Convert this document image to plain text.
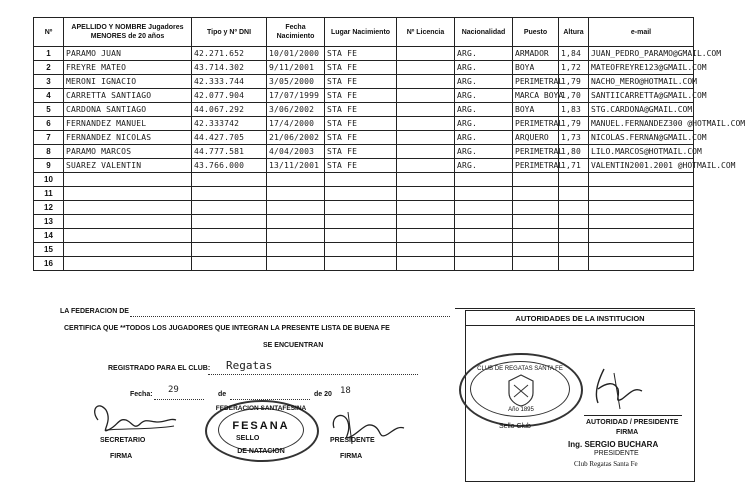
Nº	APELLIDO Y NOMBRE Jugadores MENORES de 20 años	Tipo y Nº DNI	Fecha Nacimiento	Lugar Nacimiento	Nº Licencia	Nacionalidad	Puesto	Altura	e-mail
1	PARAMO JUAN	42.271.652	10/01/2000	STA FE		ARG.	ARMADOR	1,84	JUAN_PEDRO_PARAMO@GMAIL.COM
2	FREYRE MATEO	43.714.302	9/11/2001	STA FE		ARG.	BOYA	1,72	MATEOFREYRE123@GMAIL.COM
3	MERONI IGNACIO	42.333.744	3/05/2000	STA FE		ARG.	PERIMETRAL	1,79	NACHO_MERO@HOTMAIL.COM
4	CARRETTA SANTIAGO	42.077.904	17/07/1999	STA FE		ARG.	MARCA BOYA	1,70	SANTIICARRETTA@GMAIL.COM
5	CARDONA SANTIAGO	44.067.292	3/06/2002	STA FE		ARG.	BOYA	1,83	STG.CARDONA@GMAIL.COM
6	FERNANDEZ MANUEL	42.333742	17/4/2000	STA FE		ARG.	PERIMETRAL	1,79	MANUEL.FERNANDEZ300 @HOTMAIL.COM
7	FERNANDEZ NICOLAS	44.427.705	21/06/2002	STA FE		ARG.	ARQUERO	1,73	NICOLAS.FERNAN@GMAIL.COM
8	PARAMO MARCOS	44.777.581	4/04/2003	STA FE		ARG.	PERIMETRAL	1,80	LILO.MARCOS@HOTMAIL.COM
9	SUAREZ VALENTIN	43.766.000	13/11/2001	STA FE		ARG.	PERIMETRAL	1,71	VALENTIN2001.2001 @HOTMAIL.COM
10									
11									
12									
13									
14									
15									
16									
LA FEDERACION DE
CERTIFICA QUE **TODOS LOS JUGADORES QUE INTEGRAN LA PRESENTE LISTA DE BUENA FE
SE ENCUENTRAN
REGISTRADO PARA EL CLUB: Regatas
Fecha: 29	de	de 20 18
SECRETARIO
FIRMA
FEDERACION SANTAFESINA
FESANA
DE NATACION
SELLO	PRESIDENTE
FIRMA
AUTORIDADES DE LA INSTITUCION
CLUB DE REGATAS SANTA FE
Año 1895
Sello Club
AUTORIDAD / PRESIDENTE
FIRMA
Ing. SERGIO BUCHARA
PRESIDENTE
Club Regatas Santa Fe
